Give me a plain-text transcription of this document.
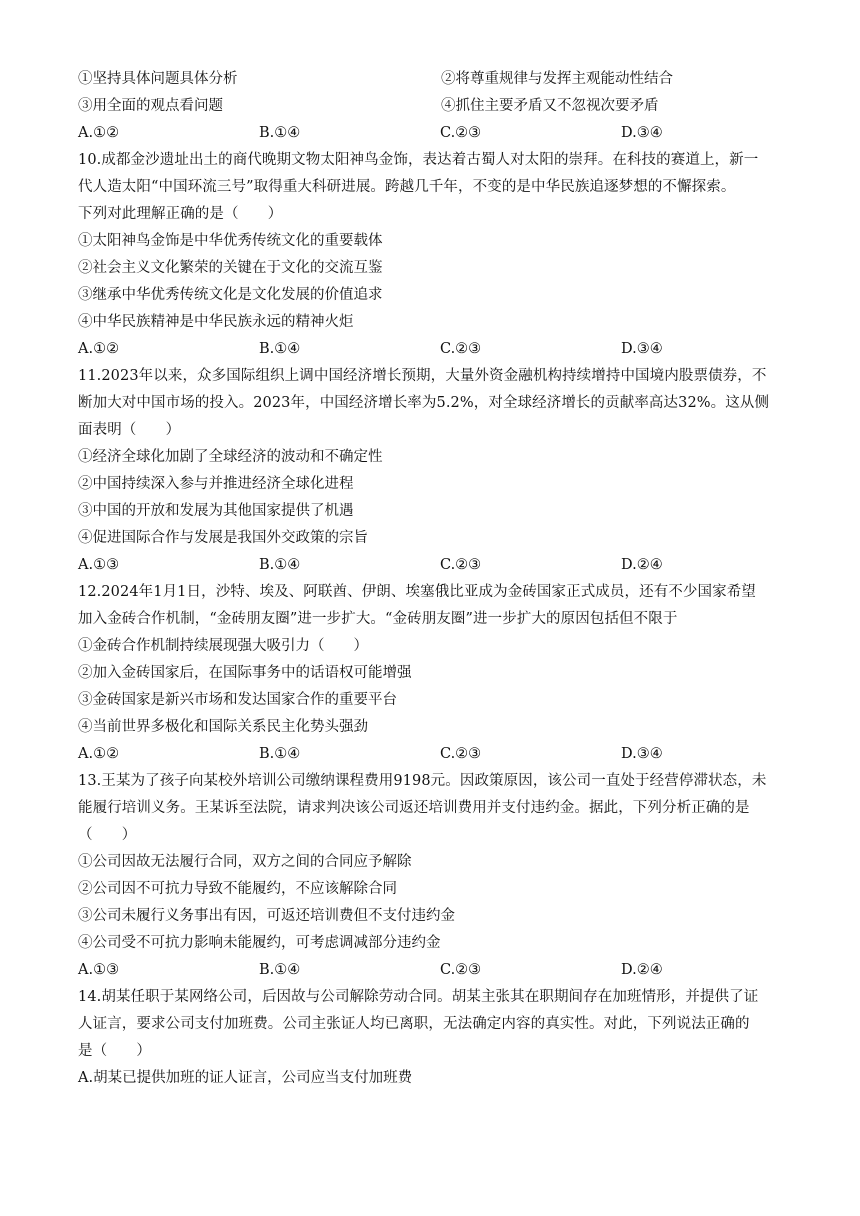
①坚持具体问题具体分析	②将尊重规律与发挥主观能动性结合
③用全面的观点看问题	④抓住主要矛盾又不忽视次要矛盾
A.①②	B.①④	C.②③	D.③④
10.成都金沙遗址出土的商代晚期文物太阳神鸟金饰，表达着古蜀人对太阳的崇拜。在科技的赛道上，新一
代人造太阳“中国环流三号”取得重大科研进展。跨越几千年，不变的是中华民族追逐梦想的不懈探索。
下列对此理解正确的是（　　）
①太阳神鸟金饰是中华优秀传统文化的重要载体
②社会主义文化繁荣的关键在于文化的交流互鉴
③继承中华优秀传统文化是文化发展的价值追求
④中华民族精神是中华民族永远的精神火炬
A.①②	B.①④	C.②③	D.③④
11.2023年以来，众多国际组织上调中国经济增长预期，大量外资金融机构持续增持中国境内股票债券，不
断加大对中国市场的投入。2023年，中国经济增长率为5.2%，对全球经济增长的贡献率高达32%。这从侧
面表明（　　）
①经济全球化加剧了全球经济的波动和不确定性
②中国持续深入参与并推进经济全球化进程
③中国的开放和发展为其他国家提供了机遇
④促进国际合作与发展是我国外交政策的宗旨
A.①③	B.①④	C.②③	D.②④
12.2024年1月1日，沙特、埃及、阿联酋、伊朗、埃塞俄比亚成为金砖国家正式成员，还有不少国家希望
加入金砖合作机制，“金砖朋友圈”进一步扩大。“金砖朋友圈”进一步扩大的原因包括但不限于
①金砖合作机制持续展现强大吸引力（　　）
②加入金砖国家后，在国际事务中的话语权可能增强
③金砖国家是新兴市场和发达国家合作的重要平台
④当前世界多极化和国际关系民主化势头强劲
A.①②	B.①④	C.②③	D.③④
13.王某为了孩子向某校外培训公司缴纳课程费用9198元。因政策原因，该公司一直处于经营停滞状态，未
能履行培训义务。王某诉至法院，请求判决该公司返还培训费用并支付违约金。据此，下列分析正确的是
（　　）
①公司因故无法履行合同，双方之间的合同应予解除
②公司因不可抗力导致不能履约，不应该解除合同
③公司未履行义务事出有因，可返还培训费但不支付违约金
④公司受不可抗力影响未能履约，可考虑调减部分违约金
A.①③	B.①④	C.②③	D.②④
14.胡某任职于某网络公司，后因故与公司解除劳动合同。胡某主张其在职期间存在加班情形，并提供了证
人证言，要求公司支付加班费。公司主张证人均已离职，无法确定内容的真实性。对此，下列说法正确的
是（　　）
A.胡某已提供加班的证人证言，公司应当支付加班费
